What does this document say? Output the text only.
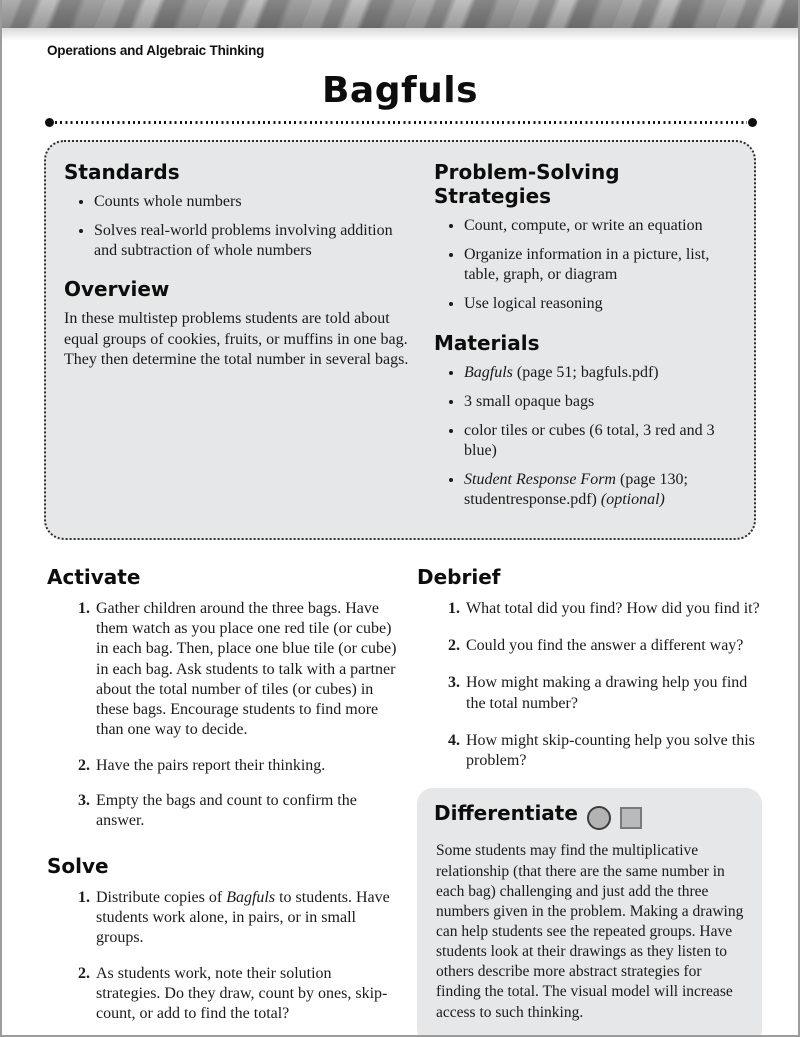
Operations and Algebraic Thinking
Bagfuls
Standards
• Counts whole numbers
• Solves real-world problems involving addition and subtraction of whole numbers
Overview

In these multistep problems students are told about equal groups of cookies, fruits, or muffins in one bag. They then determine the total number in several bags.

Problem-Solving Strategies
• Count, compute, or write an equation
• Organize information in a picture, list, table, graph, or diagram
• Use logical reasoning
Materials
• Bagfuls (page 51; bagfuls.pdf)
• 3 small opaque bags
• color tiles or cubes (6 total, 3 red and 3 blue)
• Student Response Form (page 130; studentresponse.pdf) (optional)
Activate
1. Gather children around the three bags. Have them watch as you place one red tile (or cube) in each bag. Then, place one blue tile (or cube) in each bag. Ask students to talk with a partner about the total number of tiles (or cubes) in these bags. Encourage students to find more than one way to decide.
2. Have the pairs report their thinking.
3. Empty the bags and count to confirm the answer.
Solve
1. Distribute copies of Bagfuls to students. Have students work alone, in pairs, or in small groups.
2. As students work, note their solution strategies. Do they draw, count by ones, skip-count, or add to find the total?
Debrief
1. What total did you find? How did you find it?
2. Could you find the answer a different way?
3. How might making a drawing help you find the total number?
4. How might skip-counting help you solve this problem?
Differentiate

Some students may find the multiplicative relationship (that there are the same number in each bag) challenging and just add the three numbers given in the problem. Making a drawing can help students see the repeated groups. Have students look at their drawings as they listen to others describe more abstract strategies for finding the total. The visual model will increase access to such thinking.
